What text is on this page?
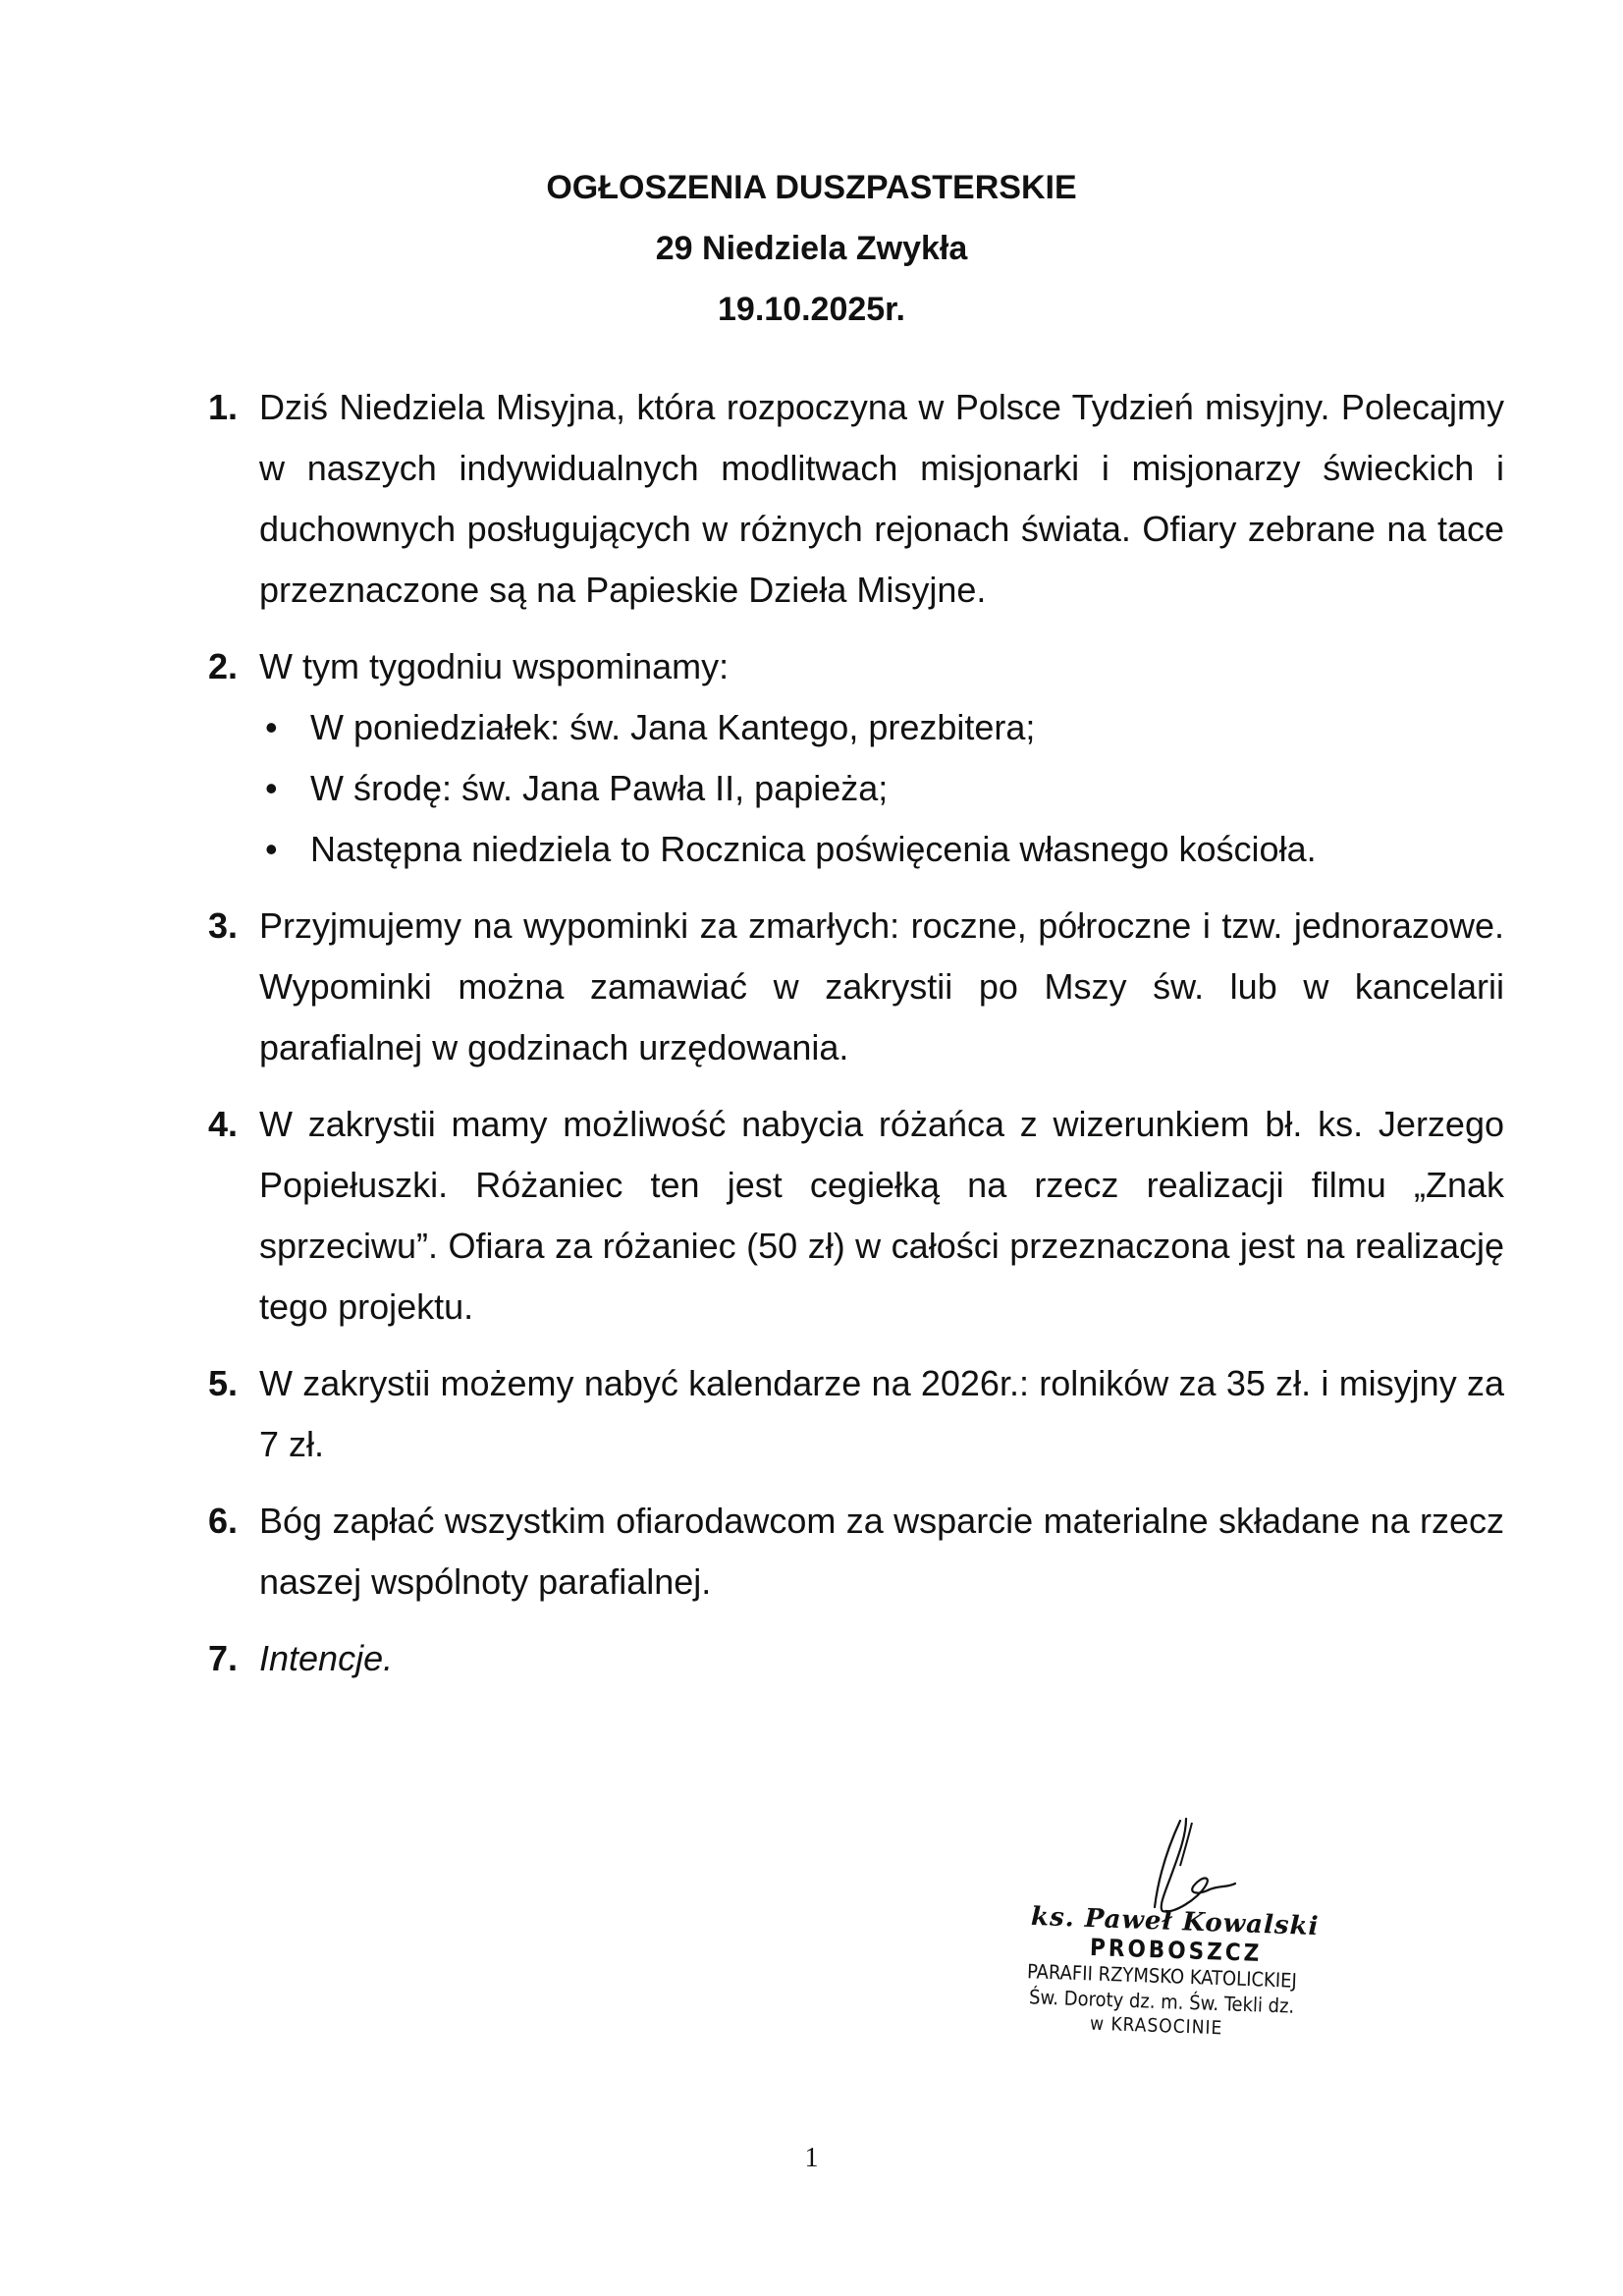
OGŁOSZENIA DUSZPASTERSKIE
29 Niedziela Zwykła
19.10.2025r.
1. Dziś Niedziela Misyjna, która rozpoczyna w Polsce Tydzień misyjny. Polecajmy w naszych indywidualnych modlitwach misjonarki i misjonarzy świeckich i duchownych posługujących w różnych rejonach świata. Ofiary zebrane na tace przeznaczone są na Papieskie Dzieła Misyjne.

2. W tym tygodniu wspominamy:

• W poniedziałek: św. Jana Kantego, prezbitera;
• W środę: św. Jana Pawła II, papieża;
• Następna niedziela to Rocznica poświęcenia własnego kościoła.
3. Przyjmujemy na wypominki za zmarłych: roczne, półroczne i tzw. jednorazowe. Wypominki można zamawiać w zakrystii po Mszy św. lub w kancelarii parafialnej w godzinach urzędowania.

4. W zakrystii mamy możliwość nabycia różańca z wizerunkiem bł. ks. Jerzego Popiełuszki. Różaniec ten jest cegiełką na rzecz realizacji filmu „Znak sprzeciwu”. Ofiara za różaniec (50 zł) w całości przeznaczona jest na realizację tego projektu.

5. W zakrystii możemy nabyć kalendarze na 2026r.: rolników za 35 zł. i misyjny za 7 zł.

6. Bóg zapłać wszystkim ofiarodawcom za wsparcie materialne składane na rzecz naszej wspólnoty parafialnej.

7. Intencje.

ks. Paweł Kowalski
PROBOSZCZ
PARAFII RZYMSKO KATOLICKIEJ
Św. Doroty dz. m. Św. Tekli dz.
w KRASOCINIE
1
